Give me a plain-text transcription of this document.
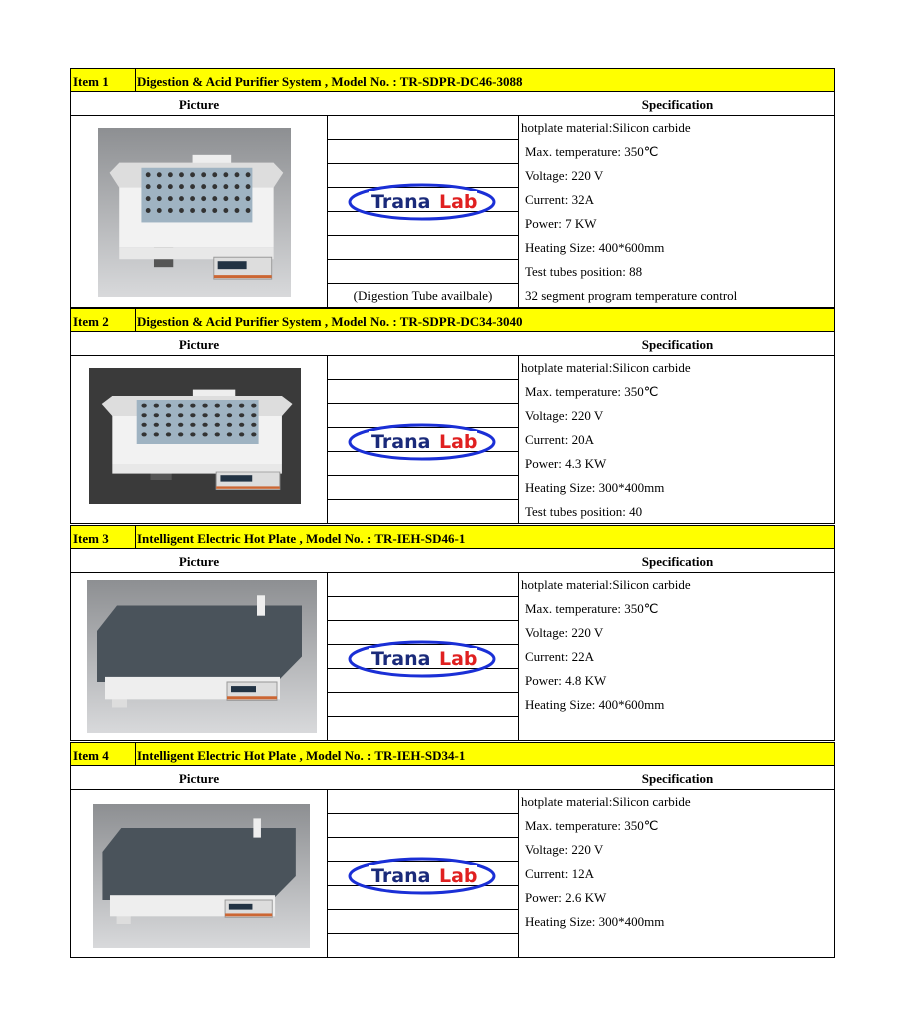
Item 1 Digestion & Acid Purifier System , Model No. : TR-SDPR-DC46-3088
Picture	Specification
(Digestion Tube availbale)
Trana Lab
hotplate material:Silicon carbide
Max. temperature: 350℃
Voltage: 220 V
Current: 32A
Power: 7 KW
Heating Size: 400*600mm
Test tubes position: 88
32 segment program temperature control
Item 2 Digestion & Acid Purifier System , Model No. : TR-SDPR-DC34-3040
Picture	Specification
Trana Lab
hotplate material:Silicon carbide
Max. temperature: 350℃
Voltage: 220 V
Current: 20A
Power: 4.3 KW
Heating Size: 300*400mm
Test tubes position: 40
Item 3 Intelligent Electric Hot Plate , Model No. : TR-IEH-SD46-1
Picture	Specification
Trana Lab
hotplate material:Silicon carbide
Max. temperature: 350℃
Voltage: 220 V
Current: 22A
Power: 4.8 KW
Heating Size: 400*600mm
Item 4 Intelligent Electric Hot Plate , Model No. : TR-IEH-SD34-1
Picture	Specification
Trana Lab
hotplate material:Silicon carbide
Max. temperature: 350℃
Voltage: 220 V
Current: 12A
Power: 2.6 KW
Heating Size: 300*400mm
